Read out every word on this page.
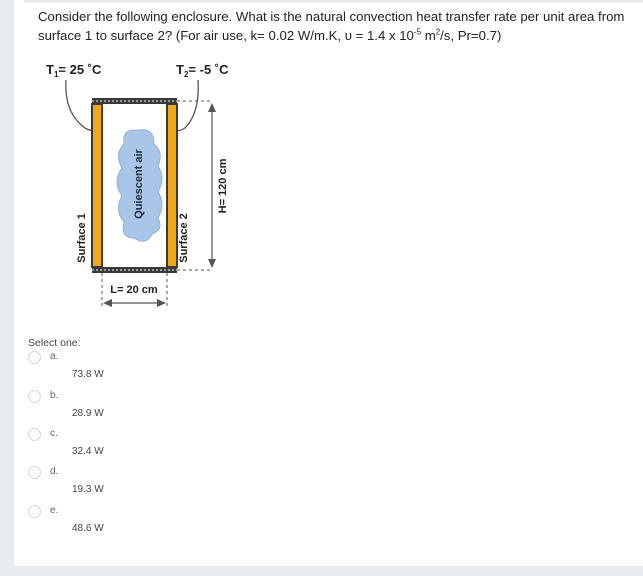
Consider the following enclosure. What is the natural convection heat transfer rate per unit area from
surface 1 to surface 2? (For air use, k= 0.02 W/m.K, υ = 1.4 x $10^{-5}$ $m^2/s$, Pr=0.7)
$T_1= 25$ ˚C	$T_2= -5$ ˚C
Quiescent air
Surface 1	Surface 2
H= 120 cm
L= 20 cm
Select one:
a.
73.8 W
b.
28.9 W
c.
32.4 W
d.
19.3 W
e.
48.6 W
